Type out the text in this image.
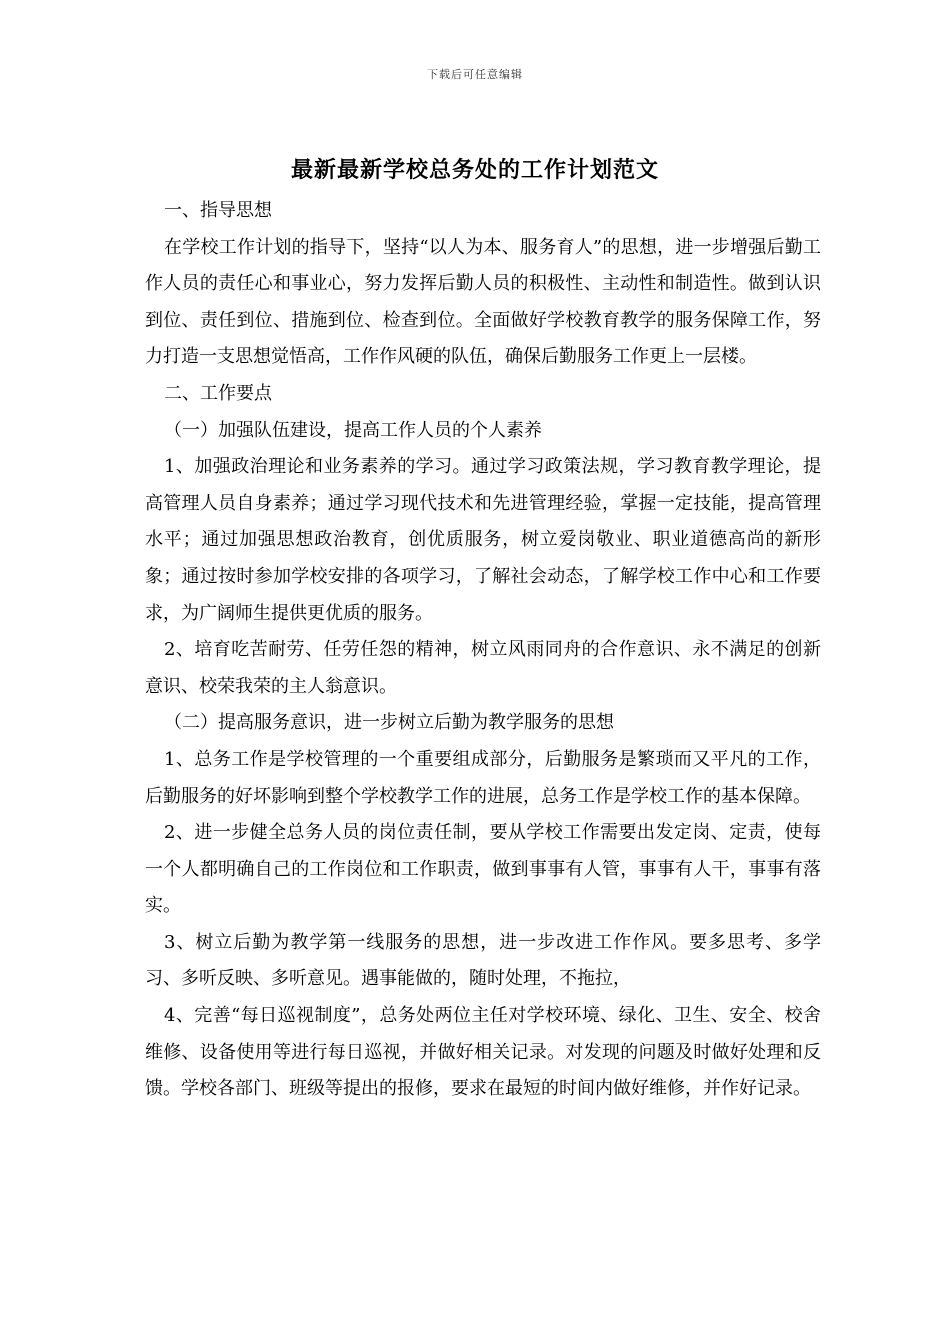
下载后可任意编辑
最新最新学校总务处的工作计划范文

一、指导思想

在学校工作计划的指导下，坚持“以人为本、服务育人”的思想，进一步增强后勤工作人员的责任心和事业心，努力发挥后勤人员的积极性、主动性和制造性。做到认识到位、责任到位、措施到位、检查到位。全面做好学校教育教学的服务保障工作，努力打造一支思想觉悟高，工作作风硬的队伍，确保后勤服务工作更上一层楼。

二、工作要点

（一）加强队伍建设，提高工作人员的个人素养

1、加强政治理论和业务素养的学习。通过学习政策法规，学习教育教学理论，提高管理人员自身素养；通过学习现代技术和先进管理经验，掌握一定技能，提高管理水平；通过加强思想政治教育，创优质服务，树立爱岗敬业、职业道德高尚的新形象；通过按时参加学校安排的各项学习，了解社会动态，了解学校工作中心和工作要求，为广阔师生提供更优质的服务。

2、培育吃苦耐劳、任劳任怨的精神，树立风雨同舟的合作意识、永不满足的创新意识、校荣我荣的主人翁意识。

（二）提高服务意识，进一步树立后勤为教学服务的思想

1、总务工作是学校管理的一个重要组成部分，后勤服务是繁琐而又平凡的工作，后勤服务的好坏影响到整个学校教学工作的进展，总务工作是学校工作的基本保障。

2、进一步健全总务人员的岗位责任制，要从学校工作需要出发定岗、定责，使每一个人都明确自己的工作岗位和工作职责，做到事事有人管，事事有人干，事事有落实。

3、树立后勤为教学第一线服务的思想，进一步改进工作作风。要多思考、多学习、多听反映、多听意见。遇事能做的，随时处理，不拖拉，

4、完善“每日巡视制度”，总务处两位主任对学校环境、绿化、卫生、安全、校舍维修、设备使用等进行每日巡视，并做好相关记录。对发现的问题及时做好处理和反馈。学校各部门、班级等提出的报修，要求在最短的时间内做好维修，并作好记录。
